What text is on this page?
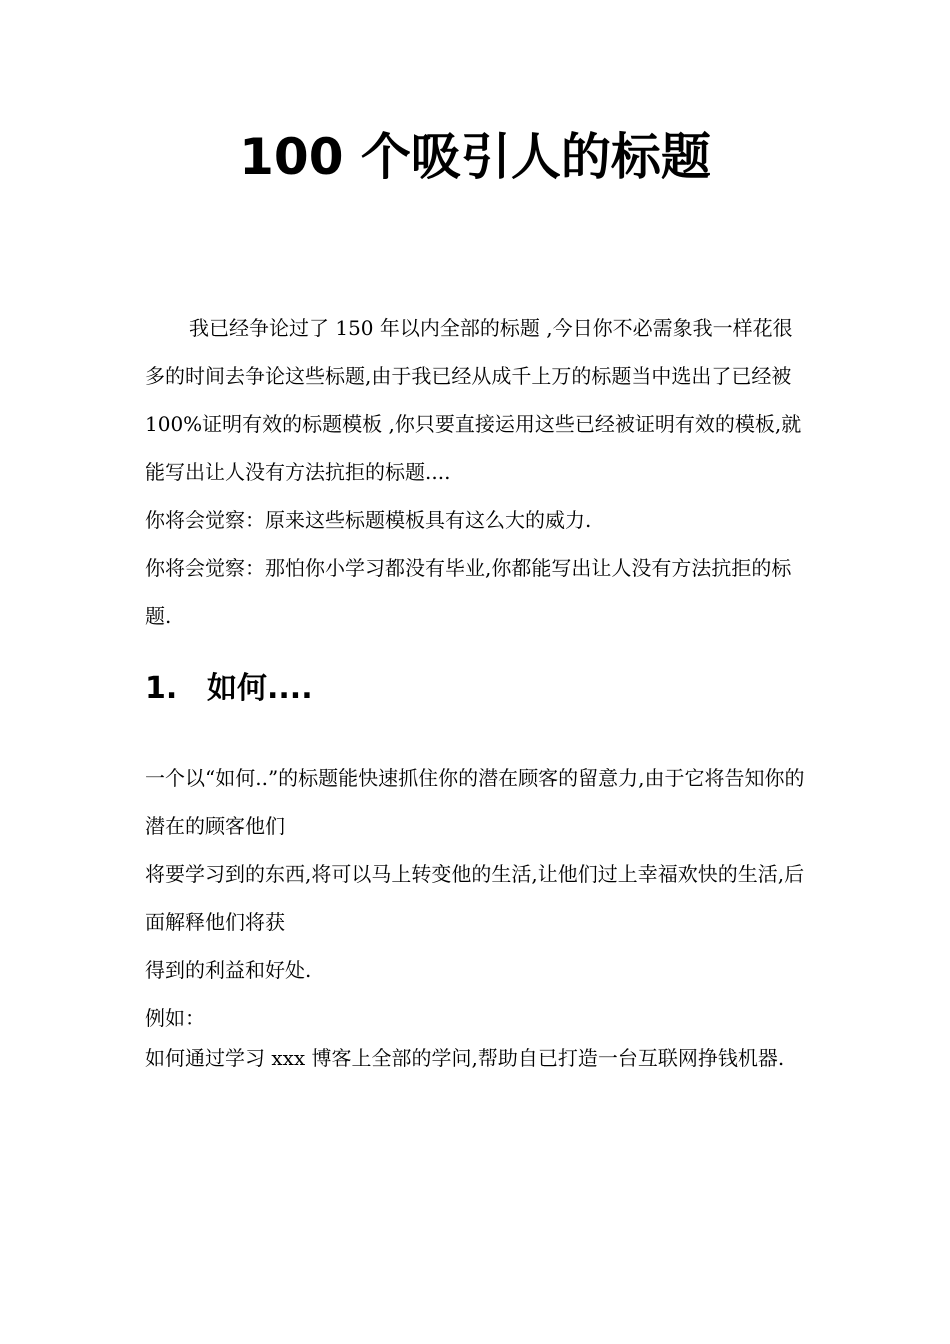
100 个吸引人的标题

我已经争论过了 150 年以内全部的标题 ,今日你不必需象我一样花很多的时间去争论这些标题,由于我已经从成千上万的标题当中选出了已经被 100%证明有效的标题模板 ,你只要直接运用这些已经被证明有效的模板,就能写出让人没有方法抗拒的标题....

你将会觉察：原来这些标题模板具有这么大的威力.

你将会觉察：那怕你小学习都没有毕业,你都能写出让人没有方法抗拒的标题.

1. 如何....

一个以“如何..”的标题能快速抓住你的潜在顾客的留意力,由于它将告知你的潜在的顾客他们

将要学习到的东西,将可以马上转变他的生活,让他们过上幸福欢快的生活,后面解释他们将获

得到的利益和好处.

例如：

如何通过学习 xxx 博客上全部的学问,帮助自已打造一台互联网挣钱机器.
